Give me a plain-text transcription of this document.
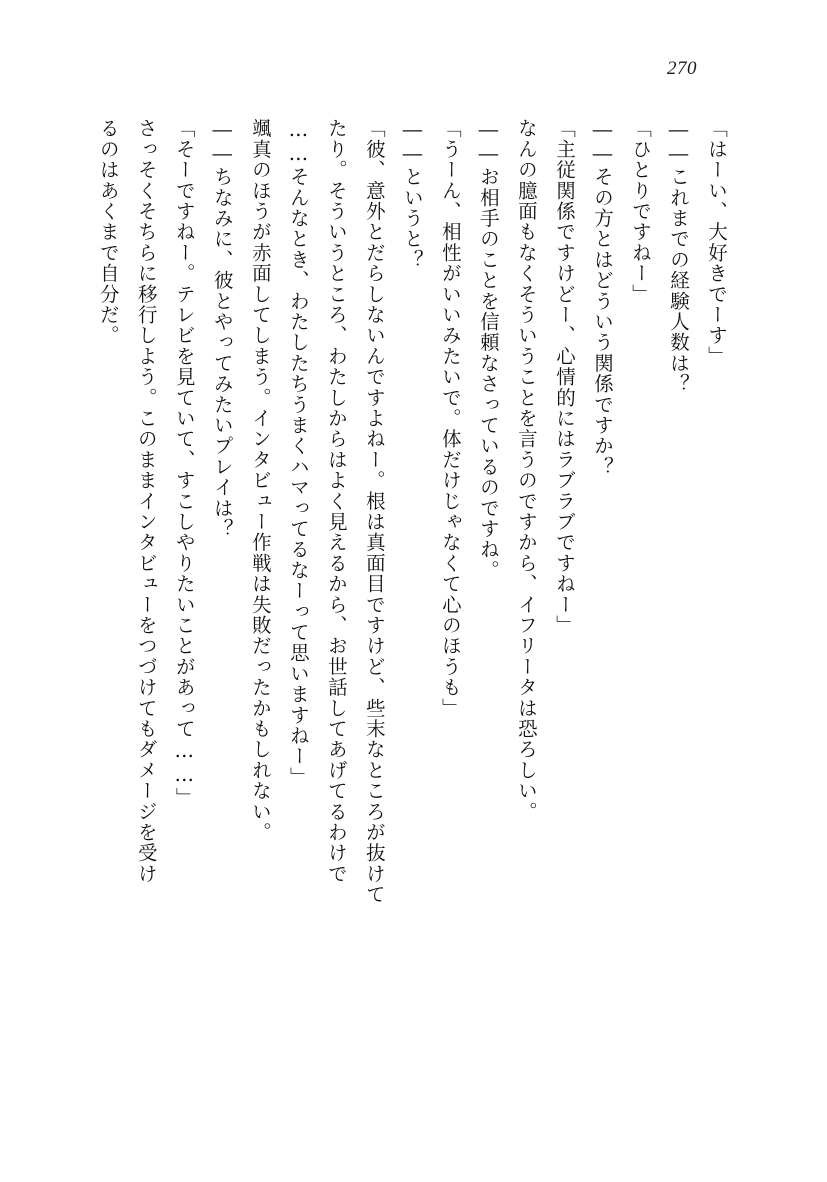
270
「はーい、大好きでーす」
――これまでの経験人数は？
「ひとりですねー」
――その方とはどういう関係ですか？
「主従関係ですけどー、心情的にはラブラブですねー」
なんの臆面もなくそういうことを言うのですから、イフリータは恐ろしい。
――お相手のことを信頼なさっているのですね。
「うーん、相性がいいみたいで。体だけじゃなくて心のほうも」
――というと？
「彼、意外とだらしないんですよねー。根は真面目ですけど、些末なところが抜けて
たり。そういうところ、わたしからはよく見えるから、お世話してあげてるわけで
……そんなとき、わたしたちうまくハマってるなーって思いますねー」
颯真のほうが赤面してしまう。インタビュー作戦は失敗だったかもしれない。
――ちなみに、彼とやってみたいプレイは？
「そーですねー。テレビを見ていて、すこしやりたいことがあって……」
さっそくそちらに移行しよう。このままインタビューをつづけてもダメージを受け
るのはあくまで自分だ。
